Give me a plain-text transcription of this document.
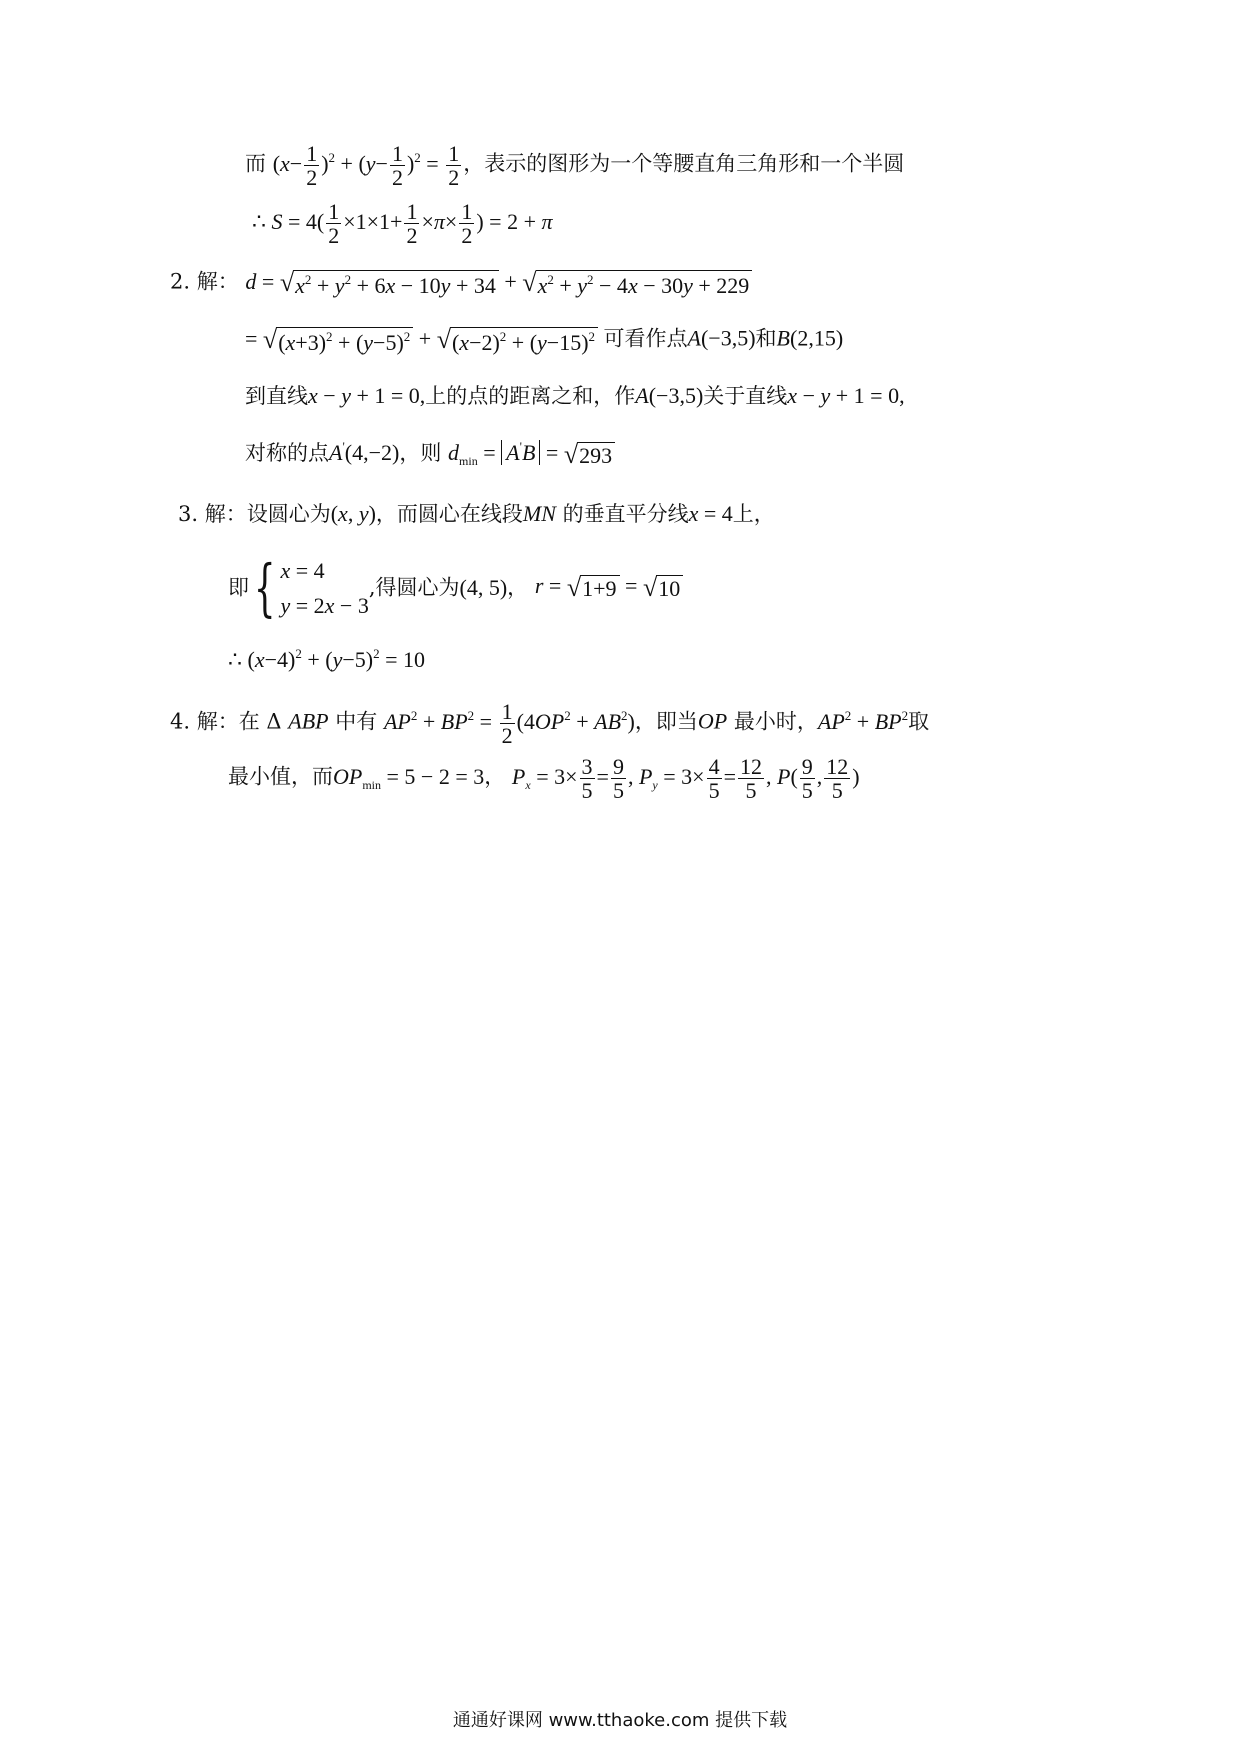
而 $(x- \frac{1}{2} )^2 + (y- \frac{1}{2} )^2 = \frac{1}{2}$ ，表示的图形为一个等腰直角三角形和一个半圆
∴ $S = 4( \frac{1}{2} \times 1\times 1+ \frac{1}{2} \times\pi\times \frac{1}{2}$ ) = 2 + π
2. 解： d = √ $x^2 + y^2 + 6x - 10y + 34$ + √ $x^2 + y^2 - 4x - 30y + 229$
= √ $(x+3)^2 + (y-5)^2$ + √ $(x-2)^2 + (y-15)^2$ 可看作点A(−3,5)和B(2,15)
到直线x − y + 1 = 0,上的点的距离之和，作A(−3,5)关于直线x − y + 1 = 0,
对称的点A'(4,−2)，则 $d_{min} = A'B$ = √ 293
3. 解：设圆心为(x, y)，而圆心在线段MN 的垂直平分线x = 4上，
即{ x = 4
y = 2x − 3
,得圆心为(4, 5)， r = √ 1+9 = √ 10
∴ $(x-4)^2 + (y-5)^2 = 10$
4. 解：在 Δ ABP 中有 $AP^2 + BP^2 = \frac{1}{2} (4OP^2 + AB^2)$，即当OP 最小时，$AP^2 + BP^2$取
最小值，而$OP_{min} = 5 - 2 = 3$， $P_x = 3\times \frac{3}{5} = \frac{9}{5}$ , $P_y = 3\times \frac{4}{5} = \frac{12}{5}$ , $P( \frac{9}{5}$ , $\frac{12}{5}$ )
通通好课网 www.tthaoke.com 提供下载
